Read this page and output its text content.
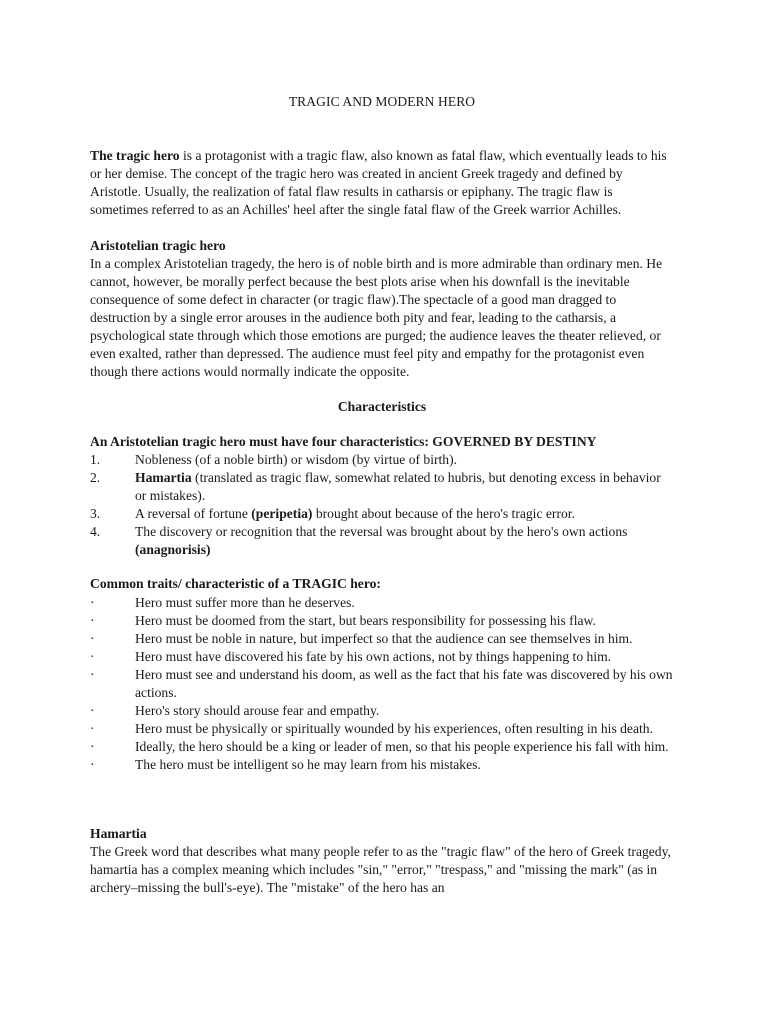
TRAGIC AND MODERN HERO

The tragic hero is a protagonist with a tragic flaw, also known as fatal flaw, which eventually leads to his or her demise. The concept of the tragic hero was created in ancient Greek tragedy and defined by Aristotle. Usually, the realization of fatal flaw results in catharsis or epiphany. The tragic flaw is sometimes referred to as an Achilles' heel after the single fatal flaw of the Greek warrior Achilles.

Aristotelian tragic hero

In a complex Aristotelian tragedy, the hero is of noble birth and is more admirable than ordinary men. He cannot, however, be morally perfect because the best plots arise when his downfall is the inevitable consequence of some defect in character (or tragic flaw).The spectacle of a good man dragged to destruction by a single error arouses in the audience both pity and fear, leading to the catharsis, a psychological state through which those emotions are purged; the audience leaves the theater relieved, or even exalted, rather than depressed. The audience must feel pity and empathy for the protagonist even though there actions would normally indicate the opposite.

Characteristics

An Aristotelian tragic hero must have four characteristics: GOVERNED BY DESTINY

1.	Nobleness (of a noble birth) or wisdom (by virtue of birth).
2.	Hamartia (translated as tragic flaw, somewhat related to hubris, but denoting excess in behavior or mistakes).
3.	A reversal of fortune (peripetia) brought about because of the hero's tragic error.
4.	The discovery or recognition that the reversal was brought about by the hero's own actions (anagnorisis)

Common traits/ characteristic of a TRAGIC hero:

·	Hero must suffer more than he deserves.
·	Hero must be doomed from the start, but bears responsibility for possessing his flaw.
·	Hero must be noble in nature, but imperfect so that the audience can see themselves in him.
·	Hero must have discovered his fate by his own actions, not by things happening to him.
·	Hero must see and understand his doom, as well as the fact that his fate was discovered by his own actions.
·	Hero's story should arouse fear and empathy.
·	Hero must be physically or spiritually wounded by his experiences, often resulting in his death.
·	Ideally, the hero should be a king or leader of men, so that his people experience his fall with him.
·	The hero must be intelligent so he may learn from his mistakes.

Hamartia

The Greek word that describes what many people refer to as the "tragic flaw" of the hero of Greek tragedy, hamartia has a complex meaning which includes "sin," "error," "trespass," and "missing the mark" (as in archery–missing the bull's-eye). The "mistake" of the hero has an
